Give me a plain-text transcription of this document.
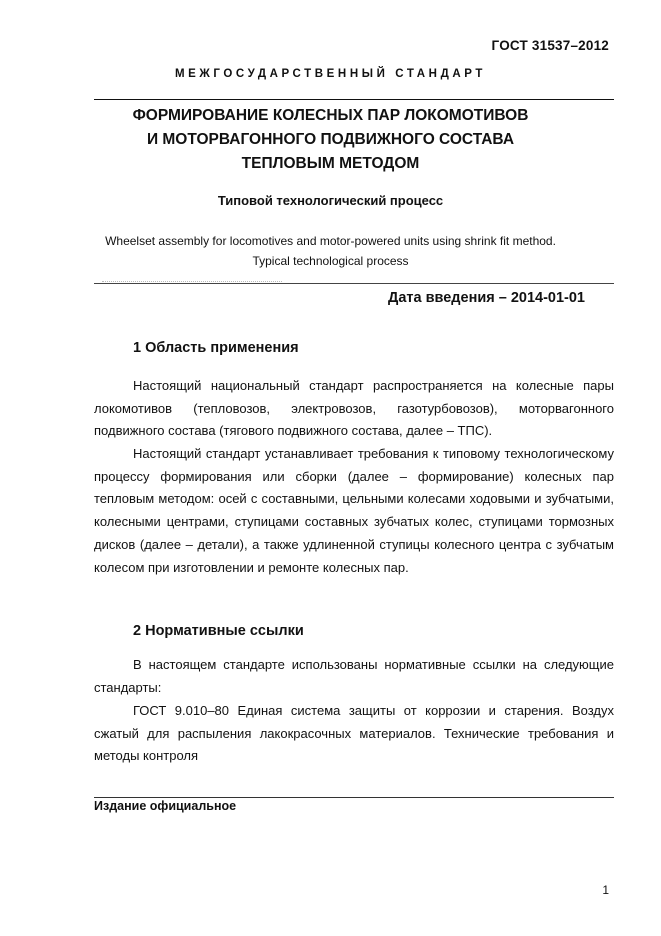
ГОСТ 31537–2012
МЕЖГОСУДАРСТВЕННЫЙ СТАНДАРТ
ФОРМИРОВАНИЕ КОЛЕСНЫХ ПАР ЛОКОМОТИВОВ
И МОТОРВАГОННОГО ПОДВИЖНОГО СОСТАВА
ТЕПЛОВЫМ МЕТОДОМ
Типовой технологический процесс
Wheelset assembly for locomotives and motor-powered units using shrink fit method.
Typical technological process
Дата введения – 2014-01-01
1 Область применения
Настоящий национальный стандарт распространяется на колесные пары локомотивов (тепловозов, электровозов, газотурбовозов), моторвагонного подвижного состава (тягового подвижного состава, далее – ТПС).
Настоящий стандарт устанавливает требования к типовому технологическому процессу формирования или сборки (далее – формирование) колесных пар тепловым методом: осей с составными, цельными колесами ходовыми и зубчатыми, колесными центрами, ступицами составных зубчатых колес, ступицами тормозных дисков (далее – детали), а также удлиненной ступицы колесного центра с зубчатым колесом при изготовлении и ремонте колесных пар.
2 Нормативные ссылки
В настоящем стандарте использованы нормативные ссылки на следующие стандарты:
ГОСТ 9.010–80 Единая система защиты от коррозии и старения. Воздух сжатый для распыления лакокрасочных материалов. Технические требования и методы контроля
Издание официальное
1
